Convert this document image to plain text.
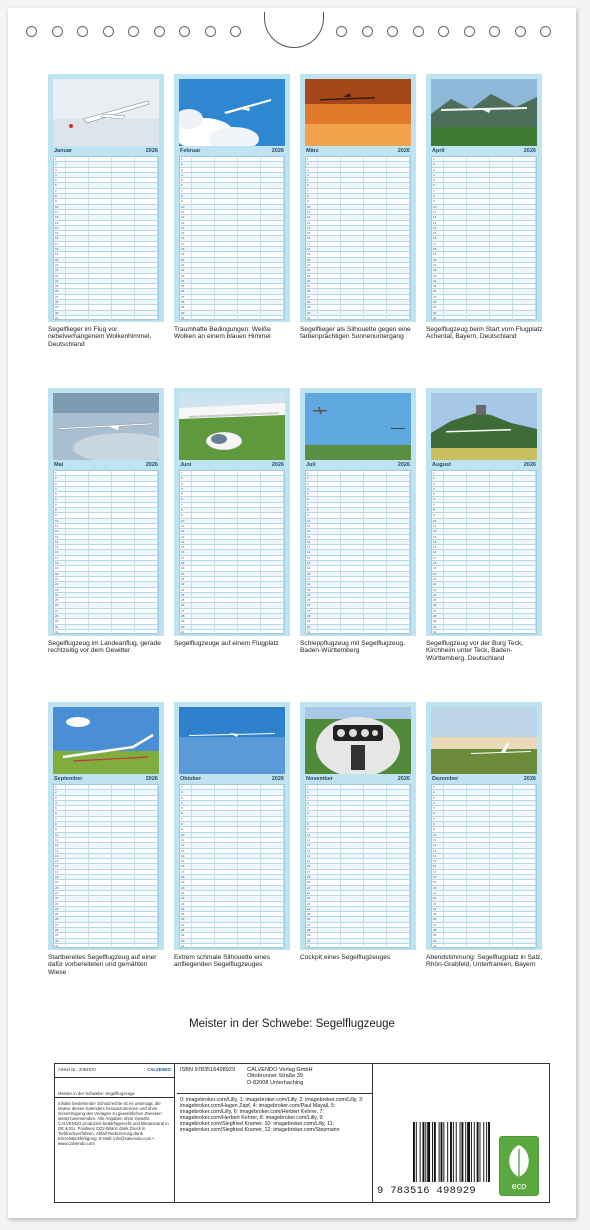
Januar	2026
1
2
3
4
5
6
7
8
9
10
11
12
13
14
15
16
17
18
19
20
21
22
23
24
25
26
27
28
29
30
31
Segelflieger im Flug vor nebelverhangenem Wolkenhimmel, Deutschland
Februar	2026
1
2
3
4
5
6
7
8
9
10
11
12
13
14
15
16
17
18
19
20
21
22
23
24
25
26
27
28
29
30
31
Traumhafte Bedingungen: Weiße Wolken an einem blauen Himmel
März	2026
1
2
3
4
5
6
7
8
9
10
11
12
13
14
15
16
17
18
19
20
21
22
23
24
25
26
27
28
29
30
31
Segelflieger als Silhouette gegen eine farbenprächtigen Sonnenuntergang
April	2026
1
2
3
4
5
6
7
8
9
10
11
12
13
14
15
16
17
18
19
20
21
22
23
24
25
26
27
28
29
30
31
Segelflugzeug beim Start vom Flugplatz Achental, Bayern, Deutschland
Mai	2026
1
2
3
4
5
6
7
8
9
10
11
12
13
14
15
16
17
18
19
20
21
22
23
24
25
26
27
28
29
30
31
Segelflugzeug im Landeanflug, gerade rechtzeitig vor dem Gewitter
Juni	2026
1
2
3
4
5
6
7
8
9
10
11
12
13
14
15
16
17
18
19
20
21
22
23
24
25
26
27
28
29
30
31
Segelflugzeuge auf einem Flugplatz
Juli	2026
1
2
3
4
5
6
7
8
9
10
11
12
13
14
15
16
17
18
19
20
21
22
23
24
25
26
27
28
29
30
31
Schleppflugzeug mit Segelflugzeug, Baden-Württemberg
August	2026
1
2
3
4
5
6
7
8
9
10
11
12
13
14
15
16
17
18
19
20
21
22
23
24
25
26
27
28
29
30
31
Segelflugzeug vor der Burg Teck, Kirchheim unter Teck, Baden-Württemberg, Deutschland
September	2026
1
2
3
4
5
6
7
8
9
10
11
12
13
14
15
16
17
18
19
20
21
22
23
24
25
26
27
28
29
30
31
Startbereites Segelflugzeug auf einer dafür vorbereiteten und gemähten Wiese
Oktober	2026
1
2
3
4
5
6
7
8
9
10
11
12
13
14
15
16
17
18
19
20
21
22
23
24
25
26
27
28
29
30
31
Extrem schmale Silhouette eines anfliegenden Segelflugzeuges
November	2026
1
2
3
4
5
6
7
8
9
10
11
12
13
14
15
16
17
18
19
20
21
22
23
24
25
26
27
28
29
30
31
Cockpit eines Segelflugzeuges
Dezember	2026
1
2
3
4
5
6
7
8
9
10
11
12
13
14
15
16
17
18
19
20
21
22
23
24
25
26
27
28
29
30
31
Abendstimmung: Segelflugplatz in Salz, Rhön-Grabfeld, Unterfranken, Bayern
Meister in der Schwebe: Segelflugzeuge
Artikel Nr.: 2064870	CALVENDO
Meister in der Schwebe: Segelflugzeuge
Inhalte bestehender Schutzrechte ist es untersagt, die Motive dieses Kalenders herauszutrennen und ohne Genehmigung des Verlages zu gewerblichen Zwecken weiterzuverwenden. Alle Angaben ohne Gewähr. CALVENDO produziert bedarfsgerecht und klimaneutral in DE & EU. Positives CO2-Bilanz dank Druck in Tiefdruckverfahren. Abfall-Reduzierung dank Einzelstückfertigung. E-Mail: info@calvendo.com • www.calvendo.com
ISBN 9783516498929 CALVENDO Verlag GmbH
Ottobrunner Straße 39
D-82008 Unterhaching
0: imagebroker.com/Lilly, 1: imagebroker.com/Lilly, 2: imagebroker.com/Lilly, 3: imagebroker.com/Hagen Zapf, 4: imagebroker.com/Paul Mayall, 5: imagebroker.com/Lilly, 6: imagebroker.com/Herbert Kehrer, 7: imagebroker.com/Herbert Kehrer, 8: imagebroker.com/Lilly, 9: imagebroker.com/Siegfried Kramer, 10: imagebroker.com/Lilly, 11: imagebroker.com/Siegfried Kramer, 12: imagebroker.com/Stepmann
9 783516 498929	eco
